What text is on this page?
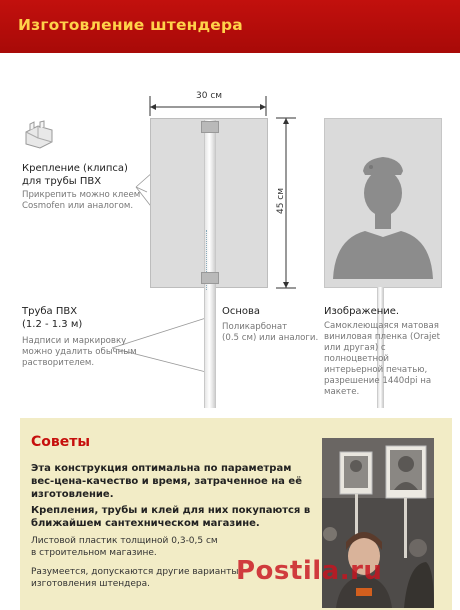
Изготовление штендера
30 см
45 см
Крепление (клипса)
для трубы ПВХ
Прикрепить можно клеем
Cosmofen или аналогом.
Труба ПВХ
(1.2 - 1.3 м)
Надписи и маркировку
можно удалить обычным
растворителем.
Основа
Поликарбонат
(0.5 см) или аналоги.
Изображение.
Самоклеющаяся матовая
виниловая пленка (Orajet
или другая) с
полноцветной
интерьерной печатью,
разрешение 1440dpi на
макете.
Советы
Эта конструкция оптимальна по параметрам
вес-цена-качество и время, затраченное на её
изготовление.
Крепления, трубы и клей для них покупаются в
ближайшем сантехническом магазине.
Листовой пластик толщиной 0,3-0,5 см
в строительном магазине.
Разумеется, допускаются другие варианты
изготовления штендера.	Postila.ru
